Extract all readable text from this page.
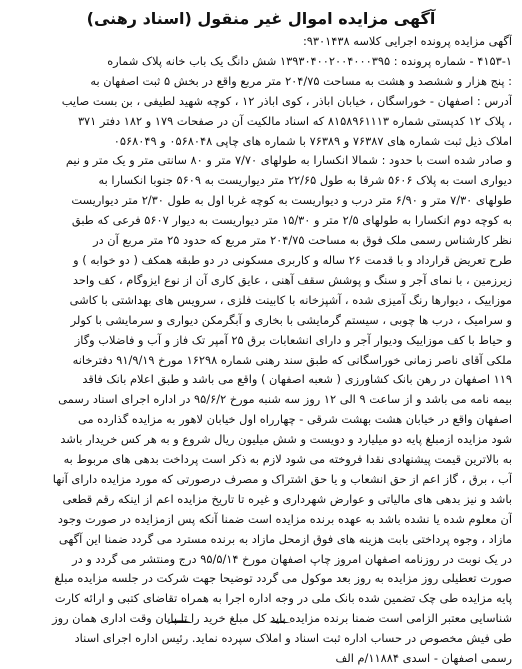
آگهی مزایده اموال غیر منقول (اسناد رهنی)
آگهی مزایده پرونده اجرایی کلاسه ۹۳۰۱۴۳۸:
۴۱۵۳-۱ - شماره پرونده : ۱۳۹۳۰۴۰۰۲۰۰۴۰۰۰۳۹۵ شش دانگ یک باب خانه پلاک شماره
: پنج هزار و ششصد و هشت به مساحت ۲۰۴/۷۵ متر مربع واقع در بخش ۵ ثبت اصفهان به
آدرس : اصفهان - خوراسگان ، خیابان اباذر ، کوی اباذر ۱۲ ، کوچه شهید لطیفی ، بن بست صایب
، پلاک ۱۲ کدپستی شماره ۸۱۵۸۹۶۱۱۱۳ که اسناد مالکیت آن در صفحات ۱۷۹ و ۱۸۲ دفتر ۳۷۱
املاک ذیل ثبت شماره های ۷۶۳۸۷ و ۷۶۳۸۹ با شماره های چاپی ۰۵۶۸۰۴۸ و ۰۵۶۸۰۴۹
و صادر شده است با حدود : شمالا انکسارا به طولهای ۷/۷۰ متر و ۸۰ سانتی متر و یک متر و نیم
دیواری است به پلاک ۵۶۰۶ شرقا به طول ۲۲/۶۵ متر دیواریست به ۵۶۰۹ جنوبا انکسارا به
طولهای ۷/۳۰ متر و ۶/۹۰ متر درب و دیواریست به کوچه غربا اول به طول ۲/۳۰ متر دیواریست
به کوچه دوم انکسارا به طولهای ۲/۵ متر و ۱۵/۳۰ متر دیواریست به دیوار ۵۶۰۷ فرعی که طبق
نظر کارشناس رسمی ملک فوق به مساحت ۲۰۴/۷۵ متر مربع که حدود ۲۵ متر مربع آن در
طرح تعریض قرارداد و با قدمت ۲۶ ساله و کاربری مسکونی در دو طبقه همکف ( دو خوابه ) و
زیرزمین ، با نمای آجر و سنگ و پوشش سقف آهنی ، عایق کاری آن از نوع ایزوگام ، کف واحد
موزاییک ، دیوارها رنگ آمیزی شده ، آشپزخانه با کابینت فلزی ، سرویس های بهداشتی با کاشی
و سرامیک ، درب ها چوبی ، سیستم گرمایشی با بخاری و آبگرمکن دیواری و سرمایشی با کولر
و حیاط با کف موزاییک ودیوار آجر و دارای انشعابات برق ۲۵ آمپر تک فاز و آب و فاضلاب وگاز
ملکی آقای ناصر زمانی خوراسگانی که طبق سند رهنی شماره ۱۶۲۹۸ مورخ ۹۱/۹/۱۹ دفترخانه
۱۱۹ اصفهان در رهن بانک کشاورزی ( شعبه اصفهان ) واقع می باشد و طبق اعلام بانک فاقد
بیمه نامه می باشد و از ساعت ۹ الی ۱۲ روز سه شنبه مورخ ۹۵/۶/۲ در اداره اجرای اسناد رسمی
اصفهان واقع در خیابان هشت بهشت شرقی - چهارراه اول خیابان لاهور به مزایده گذارده می
شود مزایده ازمبلغ پایه دو میلیارد و دویست و شش میلیون ریال شروع و به هر کس خریدار باشد
به بالاترین قیمت پیشنهادی نقدا فروخته می شود لازم به ذکر است پرداخت بدهی های مربوط به
آب ، برق ، گاز اعم از حق انشعاب و یا حق اشتراک و مصرف درصورتی که مورد مزایده دارای آنها
باشد و نیز بدهی های مالیاتی و عوارض شهرداری و غیره تا تاریخ مزایده اعم از اینکه رقم قطعی
آن معلوم شده یا نشده باشد به عهده برنده مزایده است ضمنا آنکه پس ازمزایده در صورت وجود
مازاد ، وجوه پرداختی بابت هزینه های فوق ازمحل مازاد به برنده مسترد می گردد ضمنا این آگهی
در یک نوبت در روزنامه اصفهان امروز چاپ اصفهان مورخ ۹۵/۵/۱۴ درج ومنتشر می گردد و در
صورت تعطیلی روز مزایده به روز بعد موکول می گردد توضیحا جهت شرکت در جلسه مزایده مبلغ
پایه مزایده طی چک تضمین شده بانک ملی در وجه اداره اجرا به همراه تقاضای کتبی و ارائه کارت
شناسایی معتبر الزامی است ضمنا برنده مزایده باید کل مبلغ خرید را تا پایان وقت اداری همان روز
طی فیش مخصوص در حساب اداره ثبت اسناد و املاک سپرده نماید. رئیس اداره اجرای اسناد
رسمی اصفهان - اسدی ۱۱۸۸۴/م الف
